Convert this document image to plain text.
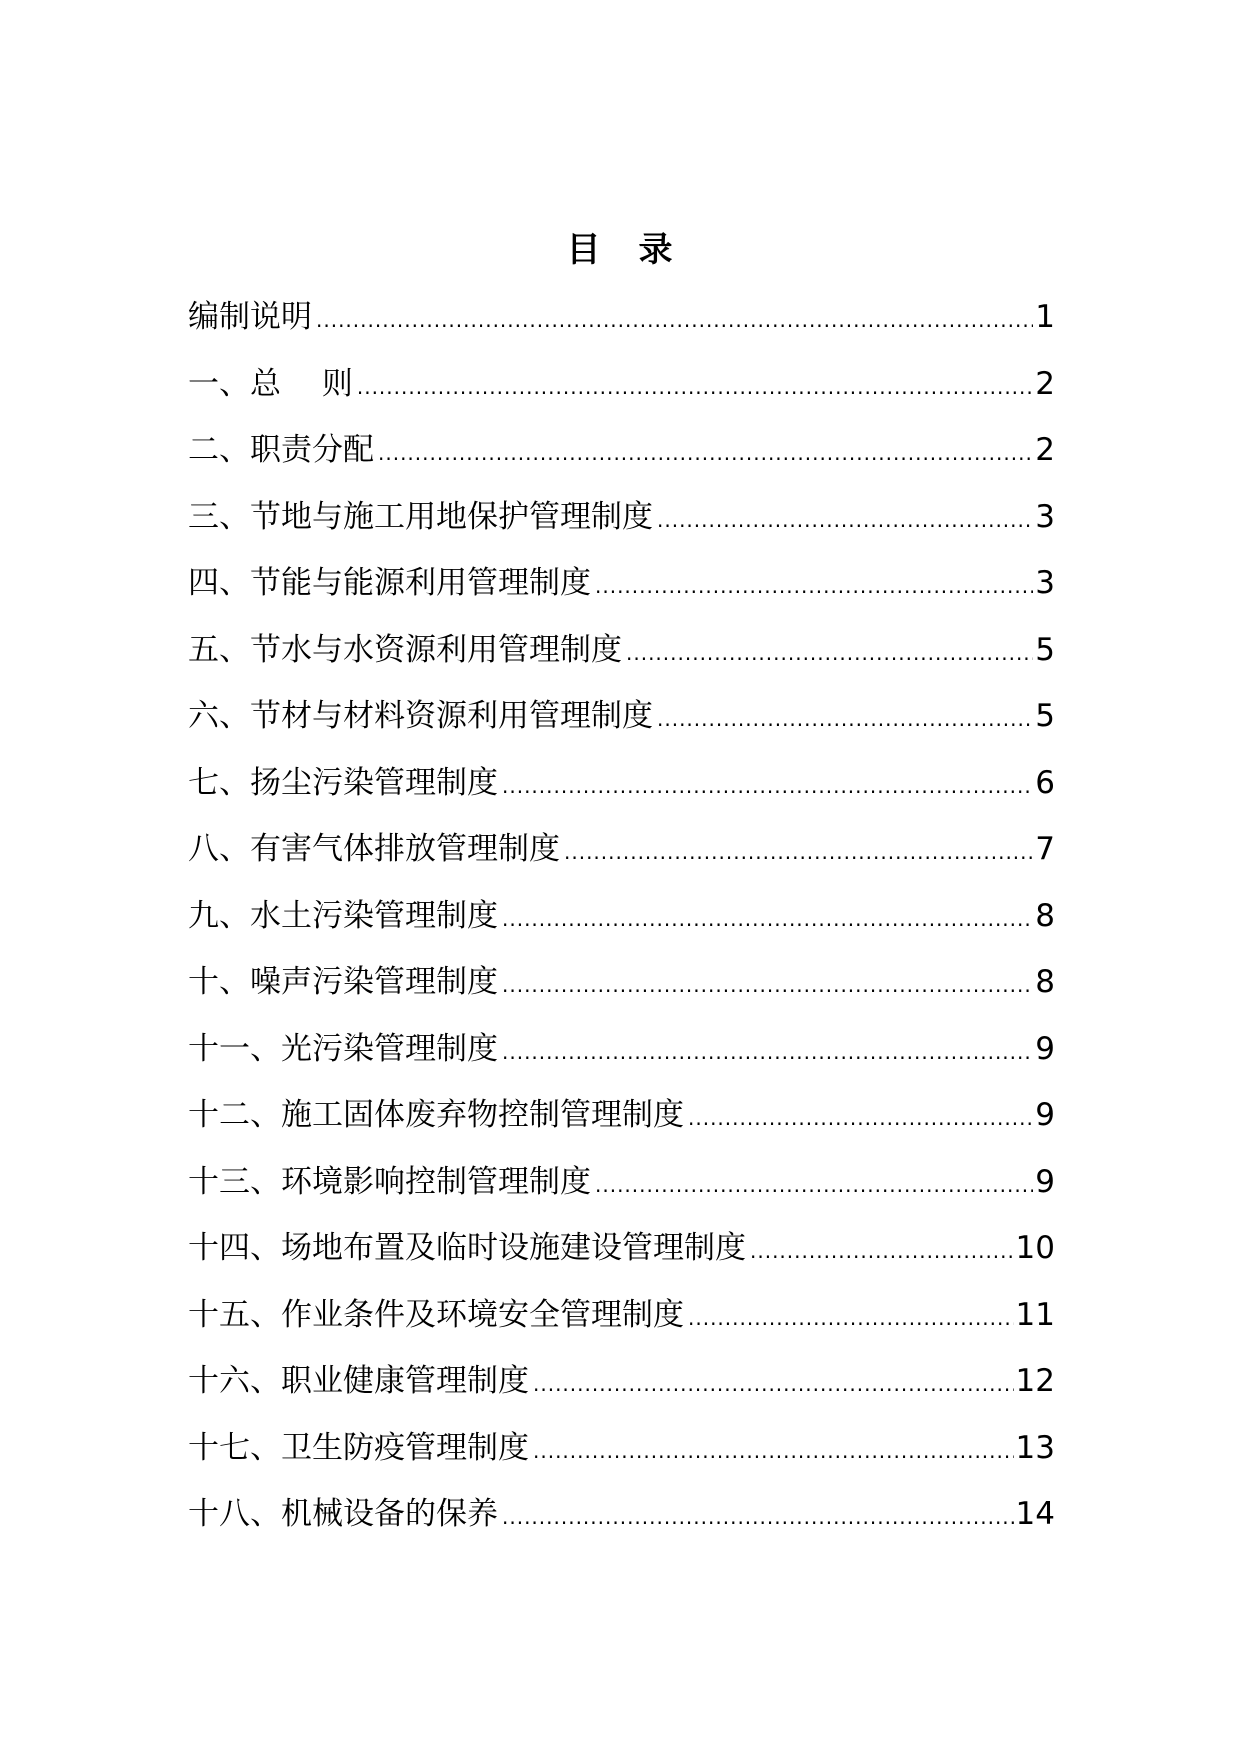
目　录
编制说明 .....	1
一、总　 则 .....	2
二、职责分配 .....	2
三、节地与施工用地保护管理制度 .....	3
四、节能与能源利用管理制度 .....	3
五、节水与水资源利用管理制度 .....	5
六、节材与材料资源利用管理制度 .....	5
七、扬尘污染管理制度 .....	6
八、有害气体排放管理制度 .....	7
九、水土污染管理制度 .....	8
十、噪声污染管理制度 .....	8
十一、光污染管理制度 .....	9
十二、施工固体废弃物控制管理制度 .....	9
十三、环境影响控制管理制度 .....	9
十四、场地布置及临时设施建设管理制度 .....	10
十五、作业条件及环境安全管理制度 .....	11
十六、职业健康管理制度 .....	12
十七、卫生防疫管理制度 .....	13
十八、机械设备的保养 .....	14
